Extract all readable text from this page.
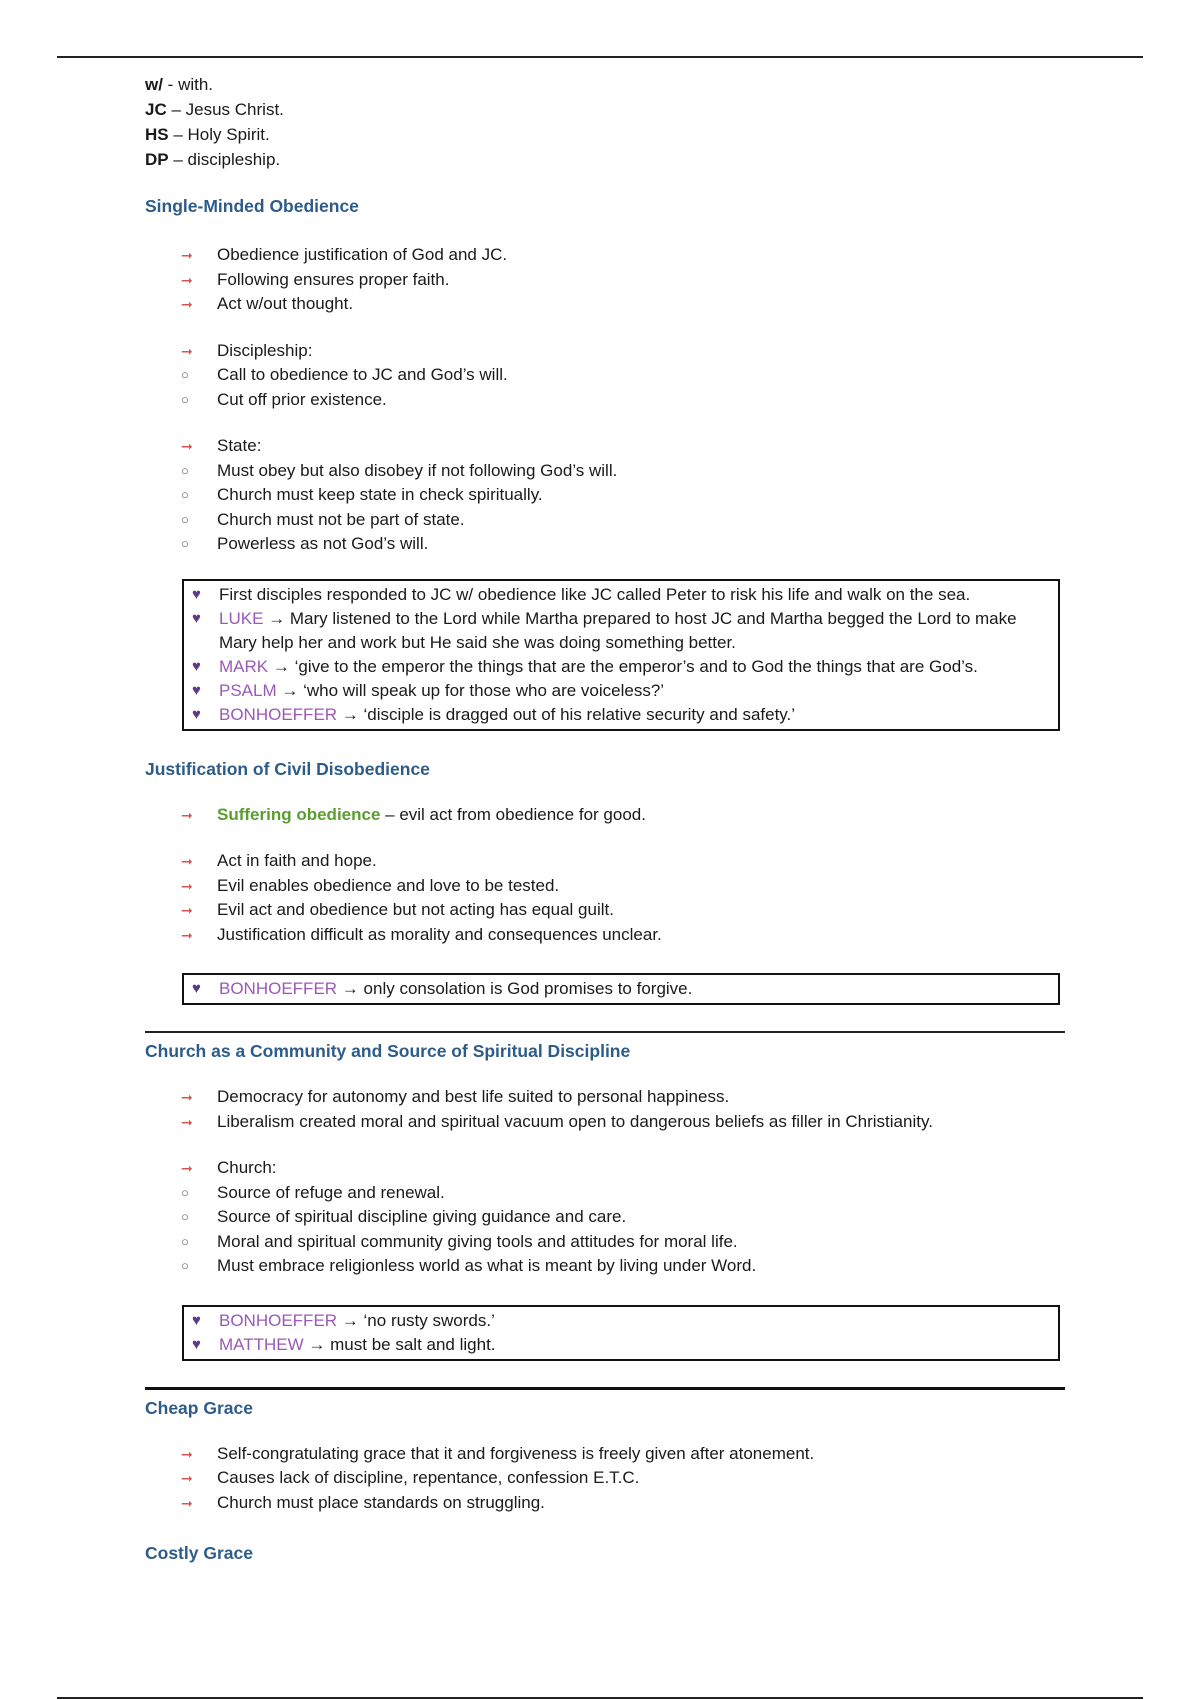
w/ - with.

JC – Jesus Christ.

HS – Holy Spirit.

DP – discipleship.

Single-Minded Obedience
➞	Obedience justification of God and JC.
➞	Following ensures proper faith.
➞	Act w/out thought.
➞	Discipleship:
○	Call to obedience to JC and God’s will.
○	Cut off prior existence.
➞	State:
○	Must obey but also disobey if not following God’s will.
○	Church must keep state in check spiritually.
○	Church must not be part of state.
○	Powerless as not God’s will.
♥ First disciples responded to JC w/ obedience like JC called Peter to risk his life and walk on the sea.
♥ LUKE → Mary listened to the Lord while Martha prepared to host JC and Martha begged the Lord to make Mary help her and work but He said she was doing something better.
♥ MARK → ‘give to the emperor the things that are the emperor’s and to God the things that are God’s.
♥ PSALM → ‘who will speak up for those who are voiceless?’
♥ BONHOEFFER → ‘disciple is dragged out of his relative security and safety.’
Justification of Civil Disobedience
➞	Suffering obedience – evil act from obedience for good.
➞	Act in faith and hope.
➞	Evil enables obedience and love to be tested.
➞	Evil act and obedience but not acting has equal guilt.
➞	Justification difficult as morality and consequences unclear.
♥ BONHOEFFER → only consolation is God promises to forgive.
Church as a Community and Source of Spiritual Discipline
➞	Democracy for autonomy and best life suited to personal happiness.
➞	Liberalism created moral and spiritual vacuum open to dangerous beliefs as filler in Christianity.
➞	Church:
○	Source of refuge and renewal.
○	Source of spiritual discipline giving guidance and care.
○	Moral and spiritual community giving tools and attitudes for moral life.
○	Must embrace religionless world as what is meant by living under Word.
♥ BONHOEFFER → ‘no rusty swords.’
♥ MATTHEW → must be salt and light.
Cheap Grace
➞	Self-congratulating grace that it and forgiveness is freely given after atonement.
➞	Causes lack of discipline, repentance, confession E.T.C.
➞	Church must place standards on struggling.
Costly Grace
